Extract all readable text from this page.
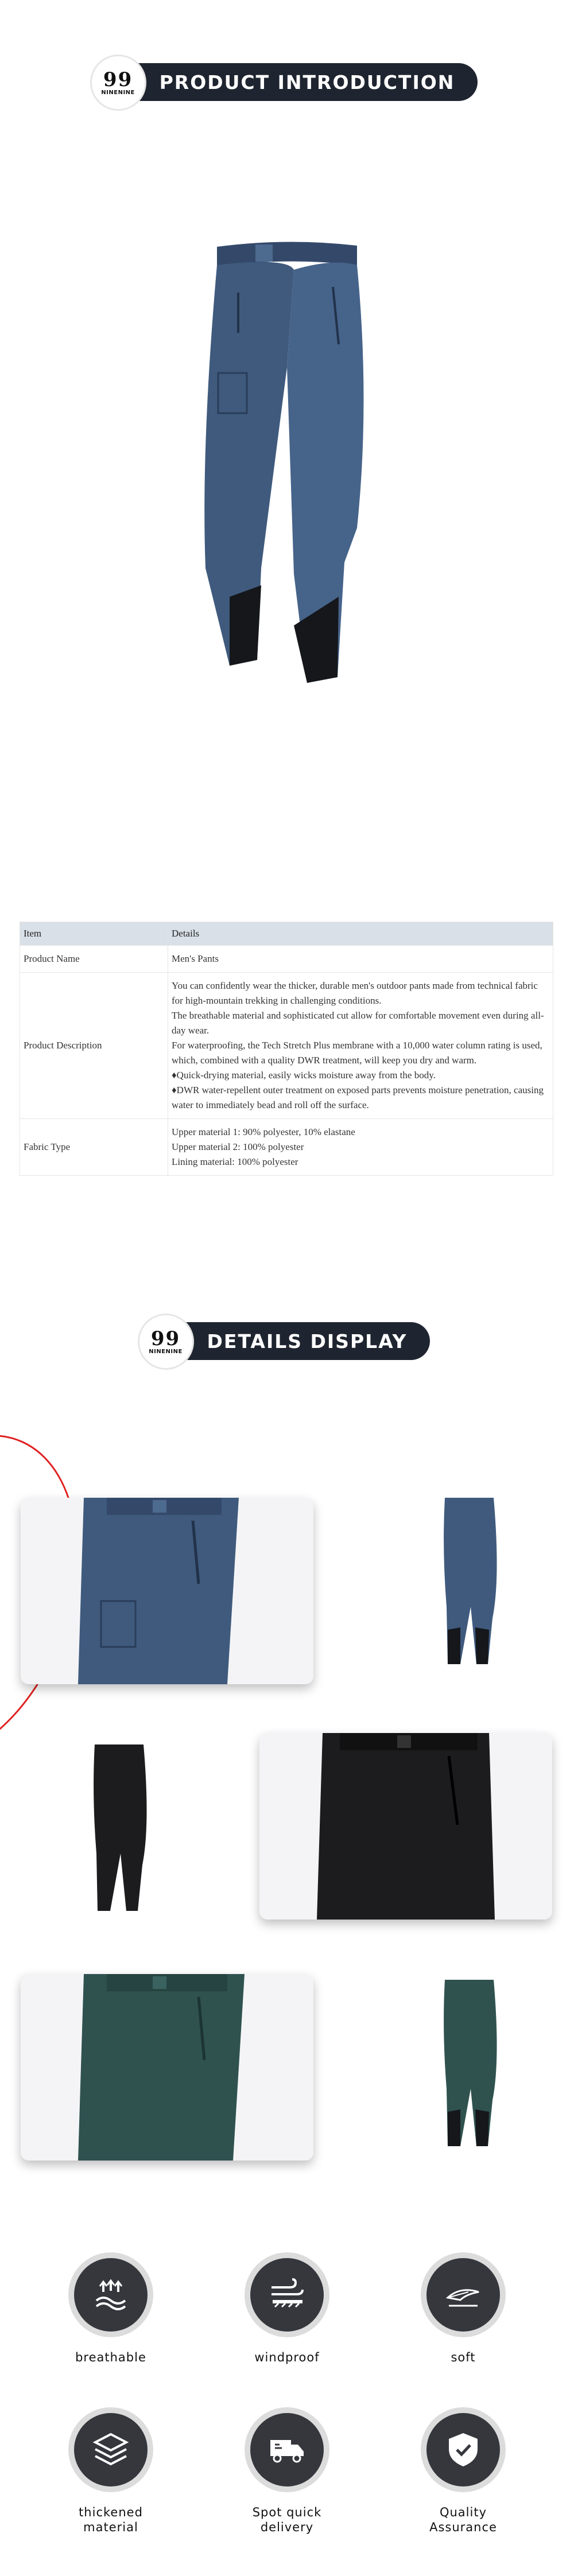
99
NINENINE PRODUCT INTRODUCTION
Item	Details
Product Name	Men's Pants
Product Description	You can confidently wear the thicker, durable men's outdoor pants made from technical fabric for high-mountain trekking in challenging conditions.

The breathable material and sophisticated cut allow for comfortable movement even during all-day wear.

For waterproofing, the Tech Stretch Plus membrane with a 10,000 water column rating is used, which, combined with a quality DWR treatment, will keep you dry and warm.

♦Quick-drying material, easily wicks moisture away from the body.

♦DWR water-repellent outer treatment on exposed parts prevents moisture penetration, causing water to immediately bead and roll off the surface.

Fabric Type	Upper material 1: 90% polyester, 10% elastane

Upper material 2: 100% polyester

Lining material: 100% polyester

99
NINENINE DETAILS DISPLAY
breathable	windproof	soft
thickened material
Spot quick delivery
Quality Assurance
